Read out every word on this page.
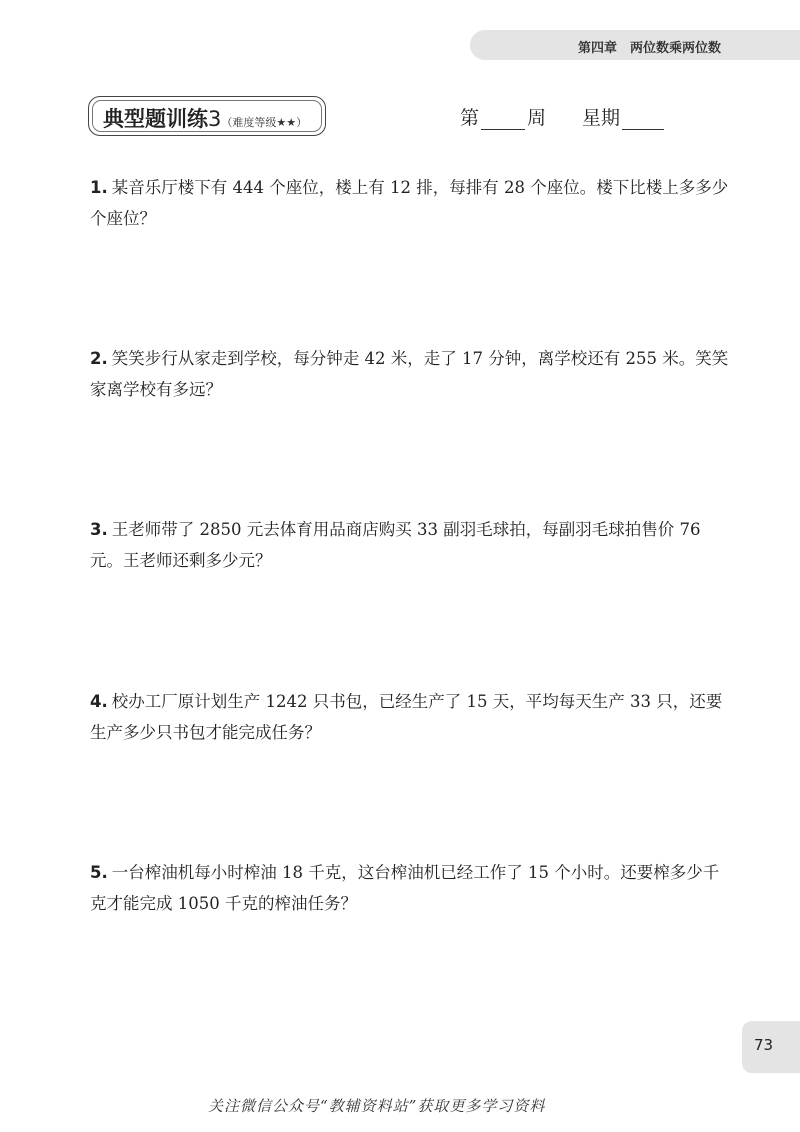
第四章　两位数乘两位数
典型题训练3（难度等级★★）	第	周 星期
1. 某音乐厅楼下有 444 个座位，楼上有 12 排，每排有 28 个座位。楼下比楼上多多少个座位？
2. 笑笑步行从家走到学校，每分钟走 42 米，走了 17 分钟，离学校还有 255 米。笑笑家离学校有多远？
3. 王老师带了 2850 元去体育用品商店购买 33 副羽毛球拍，每副羽毛球拍售价 76 元。王老师还剩多少元？
4. 校办工厂原计划生产 1242 只书包，已经生产了 15 天，平均每天生产 33 只，还要生产多少只书包才能完成任务？
5. 一台榨油机每小时榨油 18 千克，这台榨油机已经工作了 15 个小时。还要榨多少千克才能完成 1050 千克的榨油任务？
73
关注微信公众号“教辅资料站”获取更多学习资料
